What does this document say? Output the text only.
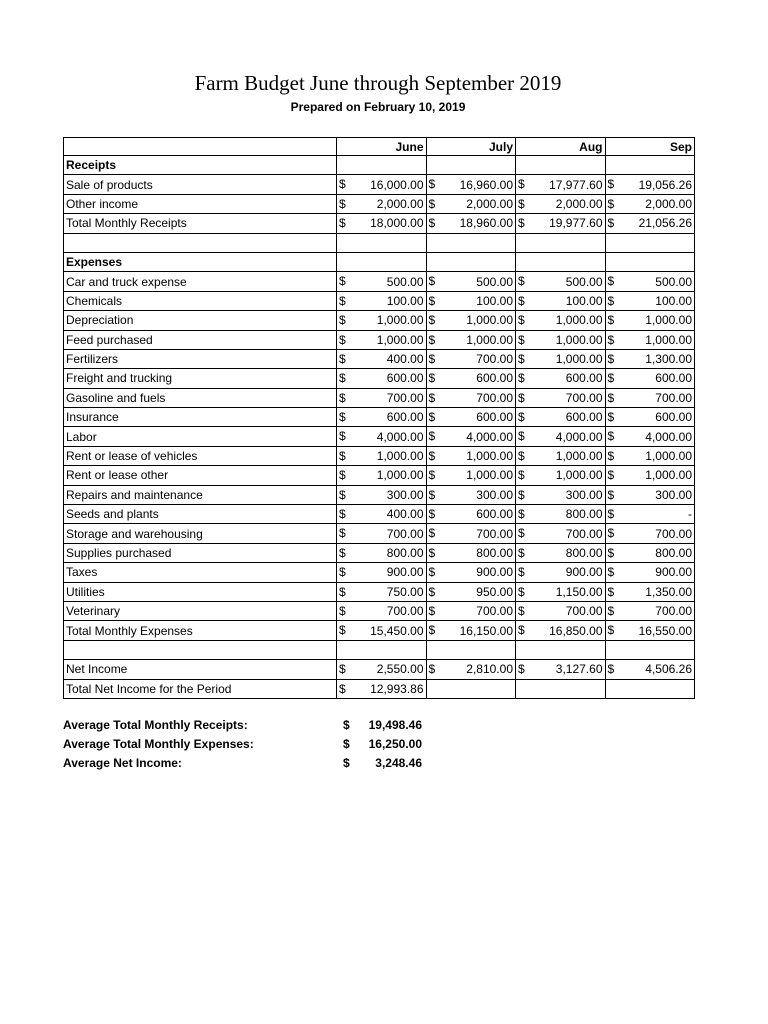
Farm Budget June through September 2019
Prepared on February 10, 2019
	June	July	Aug	Sep
Receipts				
Sale of products	$ 16,000.00	$ 16,960.00	$ 17,977.60	$ 19,056.26
Other income	$ 2,000.00	$ 2,000.00	$ 2,000.00	$ 2,000.00
Total Monthly Receipts	$ 18,000.00	$ 18,960.00	$ 19,977.60	$ 21,056.26

Expenses				
Car and truck expense	$ 500.00	$ 500.00	$ 500.00	$ 500.00
Chemicals	$ 100.00	$ 100.00	$ 100.00	$ 100.00
Depreciation	$ 1,000.00	$ 1,000.00	$ 1,000.00	$ 1,000.00
Feed purchased	$ 1,000.00	$ 1,000.00	$ 1,000.00	$ 1,000.00
Fertilizers	$ 400.00	$ 700.00	$ 1,000.00	$ 1,300.00
Freight and trucking	$ 600.00	$ 600.00	$ 600.00	$ 600.00
Gasoline and fuels	$ 700.00	$ 700.00	$ 700.00	$ 700.00
Insurance	$ 600.00	$ 600.00	$ 600.00	$ 600.00
Labor	$ 4,000.00	$ 4,000.00	$ 4,000.00	$ 4,000.00
Rent or lease of vehicles	$ 1,000.00	$ 1,000.00	$ 1,000.00	$ 1,000.00
Rent or lease other	$ 1,000.00	$ 1,000.00	$ 1,000.00	$ 1,000.00
Repairs and maintenance	$ 300.00	$ 300.00	$ 300.00	$ 300.00
Seeds and plants	$ 400.00	$ 600.00	$ 800.00	$ -
Storage and warehousing	$ 700.00	$ 700.00	$ 700.00	$ 700.00
Supplies purchased	$ 800.00	$ 800.00	$ 800.00	$ 800.00
Taxes	$ 900.00	$ 900.00	$ 900.00	$ 900.00
Utilities	$ 750.00	$ 950.00	$ 1,150.00	$ 1,350.00
Veterinary	$ 700.00	$ 700.00	$ 700.00	$ 700.00
Total Monthly Expenses	$ 15,450.00	$ 16,150.00	$ 16,850.00	$ 16,550.00

Net Income	$ 2,550.00	$ 2,810.00	$ 3,127.60	$ 4,506.26
Total Net Income for the Period	$ 12,993.86			
Average Total Monthly Receipts:	$	19,498.46
Average Total Monthly Expenses:	$	16,250.00
Average Net Income:	$	3,248.46
